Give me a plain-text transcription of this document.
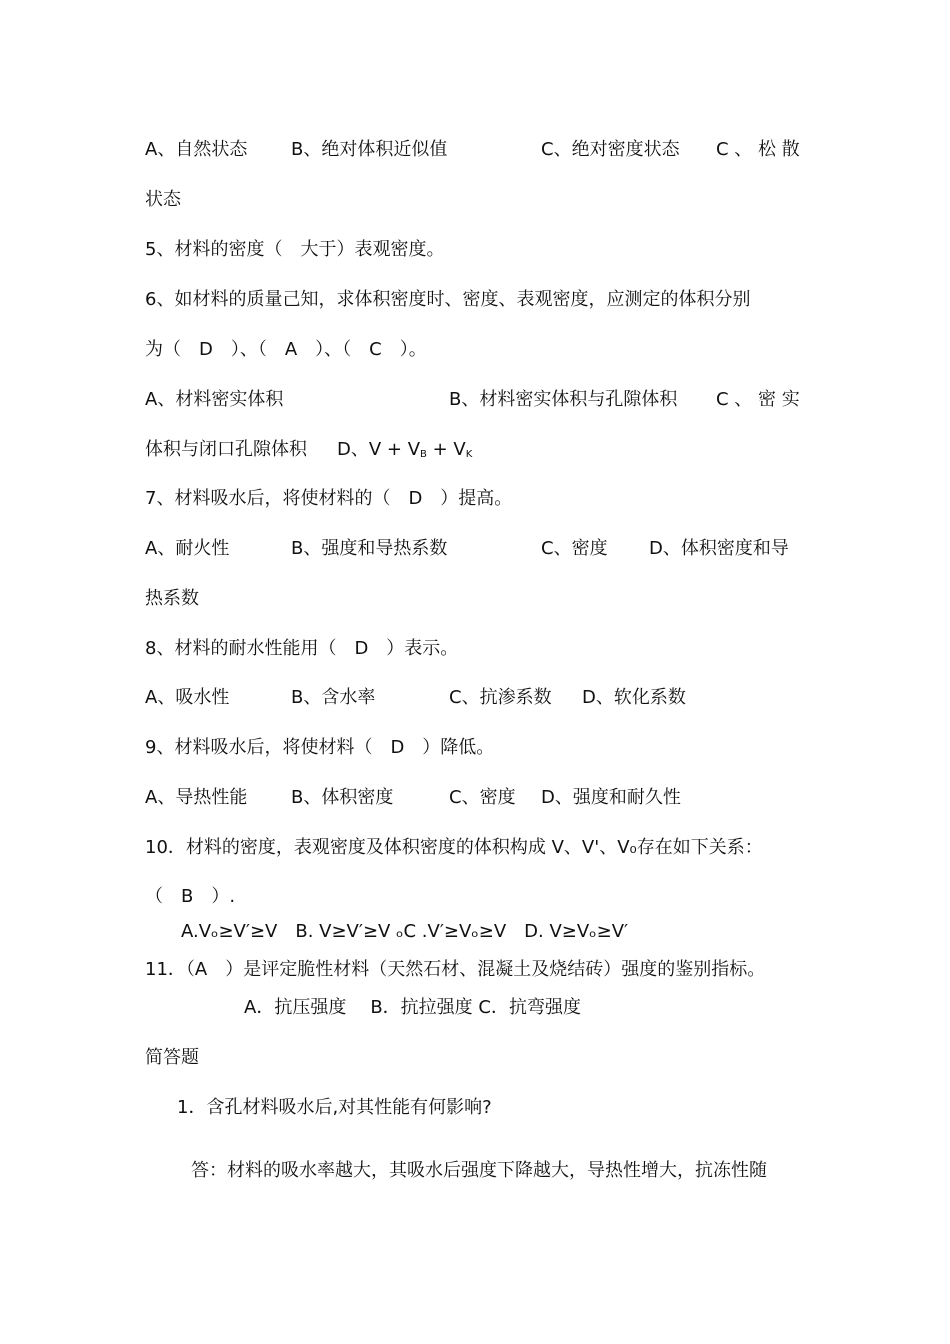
A、自然状态 B、绝对体积近似值	C、绝对密度状态 C 、 松 散
状态
5、材料的密度（　大于）表观密度。
6、如材料的质量己知，求体积密度时、密度、表观密度，应测定的体积分别
为（　D　）、（　A　）、（　C　）。
A、材料密实体积	B、材料密实体积与孔隙体积 C 、 密 实
体积与闭口孔隙体积 D、$V + V_B + V_K$
7、材料吸水后，将使材料的（　D　）提高。
A、耐火性	B、强度和导热系数	C、密度 D、体积密度和导
热系数
8、材料的耐水性能用（　D　）表示。
A、吸水性	B、含水率	C、抗渗系数 D、软化系数
9、材料吸水后，将使材料（　D　）降低。
A、导热性能 B、体积密度	C、密度 D、强度和耐久性
10．材料的密度，表观密度及体积密度的体积构成 V、V'、V₀存在如下关系：
（　B　）.
A.Vₒ≥V′≥V　B. V≥V′≥V ₒC .V′≥Vₒ≥V　D. V≥Vₒ≥V′
11．（A　）是评定脆性材料（天然石材、混凝土及烧结砖）强度的鉴别指标。
A．抗压强度 B．抗拉强度 C．抗弯强度
简答题
1．含孔材料吸水后,对其性能有何影响?
答：材料的吸水率越大，其吸水后强度下降越大，导热性增大，抗冻性随
